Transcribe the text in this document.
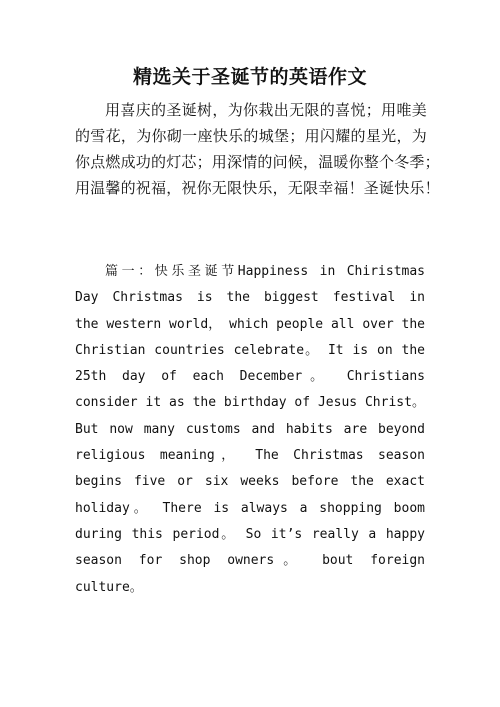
精选关于圣诞节的英语作文
用喜庆的圣诞树，为你栽出无限的喜悦；用唯美
的雪花，为你砌一座快乐的城堡；用闪耀的星光，为
你点燃成功的灯芯；用深情的问候，温暖你整个冬季；
用温馨的祝福，祝你无限快乐，无限幸福！圣诞快乐！
篇一：快乐圣诞节Happiness in Chiristmas
Day Christmas is the biggest festival in
the western world， which people all over the
Christian countries celebrate。 It is on the
25th day of each December。 Christians
consider it as the birthday of Jesus Christ。
But now many customs and habits are beyond
religious meaning， The Christmas season
begins five or six weeks before the exact
holiday。 There is always a shopping boom
during this period。 So it’s really a happy
season for shop owners。 bout foreign
culture。
